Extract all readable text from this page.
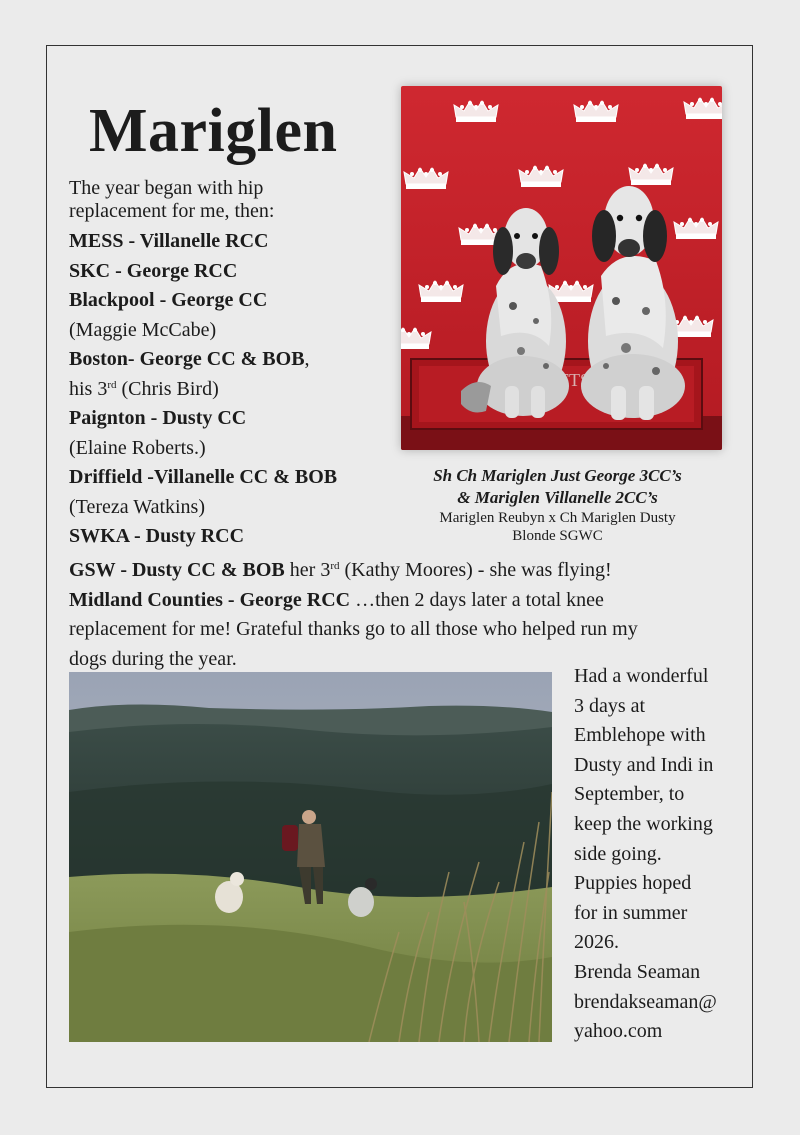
Mariglen
The year began with hip
replacement for me, then:
MESS - Villanelle RCC
SKC - George RCC
Blackpool - George CC
(Maggie McCabe)
Boston- George CC & BOB,
his 3rd (Chris Bird)
Paignton - Dusty CC
(Elaine Roberts.)
Driffield -Villanelle CC & BOB
(Tereza Watkins)
SWKA - Dusty RCC
GSW - Dusty CC & BOB her 3rd (Kathy Moores) - she was flying!
Midland Counties - George RCC …then 2 days later a total knee
replacement for me! Grateful thanks go to all those who helped run my
dogs during the year.
Sh Ch Mariglen Just George 3CC’s
& Mariglen Villanelle 2CC’s
Mariglen Reubyn x Ch Mariglen Dusty
Blonde SGWC
Had a wonderful
3 days at
Emblehope with
Dusty and Indi in
September, to
keep the working
side going.
Puppies hoped
for in summer
2026.
Brenda Seaman
brendakseaman@
yahoo.com
